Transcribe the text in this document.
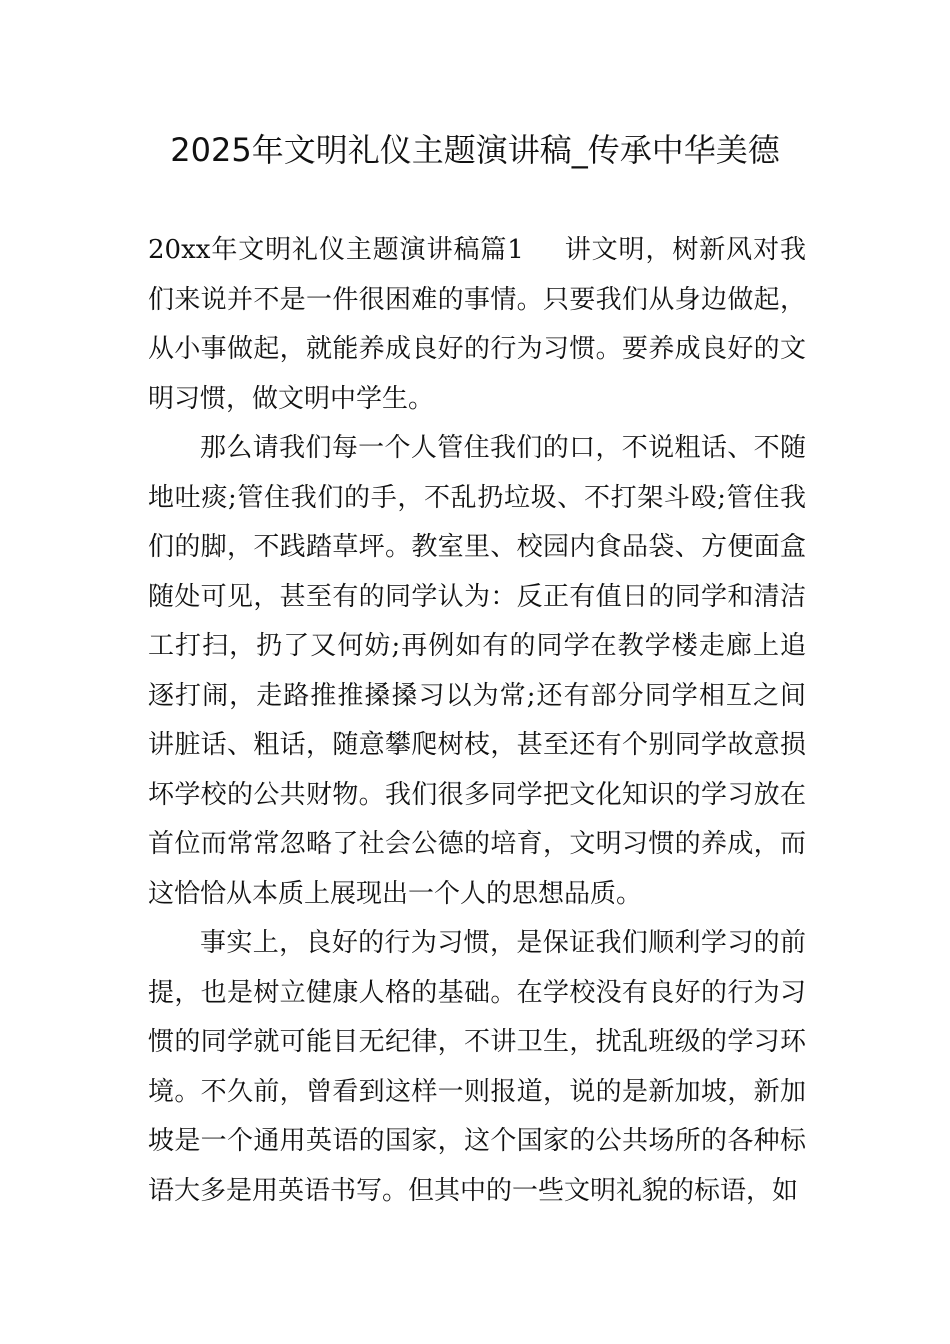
2025年文明礼仪主题演讲稿_传承中华美德

20xx年文明礼仪主题演讲稿篇1 讲文明，树新风对我们来说并不是一件很困难的事情。只要我们从身边做起，从小事做起，就能养成良好的行为习惯。要养成良好的文明习惯，做文明中学生。

那么请我们每一个人管住我们的口，不说粗话、不随地吐痰;管住我们的手，不乱扔垃圾、不打架斗殴;管住我们的脚，不践踏草坪。教室里、校园内食品袋、方便面盒随处可见，甚至有的同学认为：反正有值日的同学和清洁工打扫，扔了又何妨;再例如有的同学在教学楼走廊上追逐打闹，走路推推搡搡习以为常;还有部分同学相互之间讲脏话、粗话，随意攀爬树枝，甚至还有个别同学故意损坏学校的公共财物。我们很多同学把文化知识的学习放在首位而常常忽略了社会公德的培育，文明习惯的养成，而这恰恰从本质上展现出一个人的思想品质。

事实上，良好的行为习惯，是保证我们顺利学习的前提，也是树立健康人格的基础。在学校没有良好的行为习惯的同学就可能目无纪律，不讲卫生，扰乱班级的学习环境。不久前，曾看到这样一则报道，说的是新加坡，新加坡是一个通用英语的国家，这个国家的公共场所的各种标语大多是用英语书写。但其中的一些文明礼貌的标语，如
